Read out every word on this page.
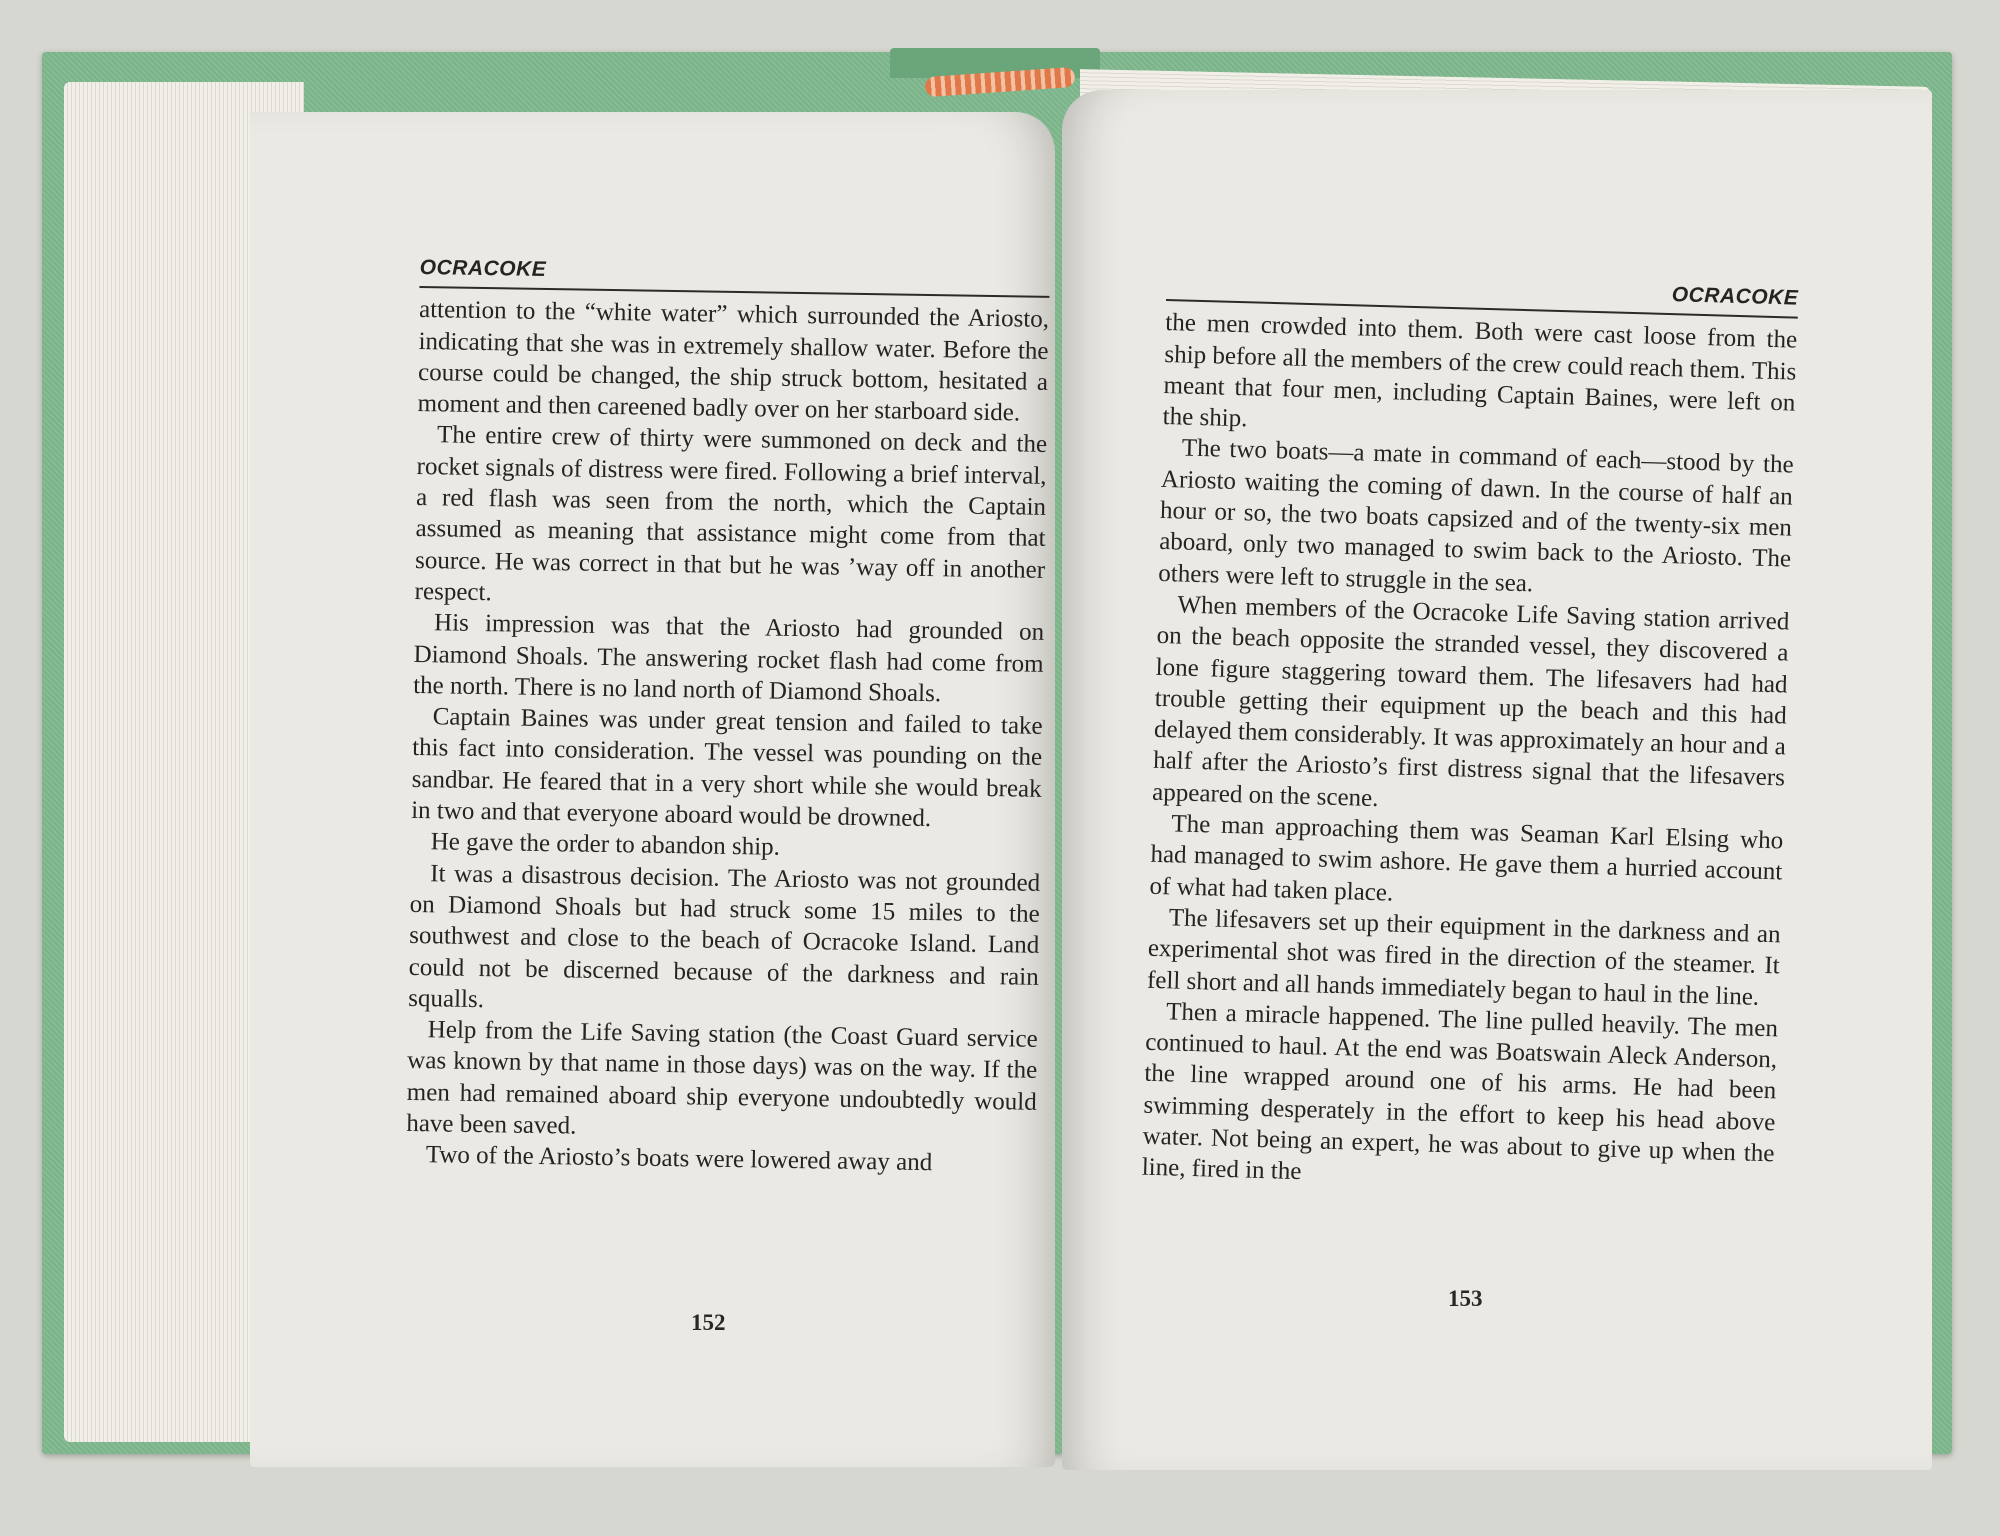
OCRACOKE

attention to the “white water” which surrounded the Ariosto, indicating that she was in extremely shallow water. Before the course could be changed, the ship struck bottom, hesitated a moment and then careened badly over on her starboard side.

The entire crew of thirty were summoned on deck and the rocket signals of distress were fired. Following a brief interval, a red flash was seen from the north, which the Captain assumed as meaning that assistance might come from that source. He was correct in that but he was ’way off in another respect.

His impression was that the Ariosto had grounded on Diamond Shoals. The answering rocket flash had come from the north. There is no land north of Diamond Shoals.

Captain Baines was under great tension and failed to take this fact into consideration. The vessel was pounding on the sandbar. He feared that in a very short while she would break in two and that everyone aboard would be drowned.

He gave the order to abandon ship.

It was a disastrous decision. The Ariosto was not grounded on Diamond Shoals but had struck some 15 miles to the southwest and close to the beach of Ocracoke Island. Land could not be discerned because of the darkness and rain squalls.

Help from the Life Saving station (the Coast Guard service was known by that name in those days) was on the way. If the men had remained aboard ship everyone undoubtedly would have been saved.

Two of the Ariosto’s boats were lowered away and

152
OCRACOKE

the men crowded into them. Both were cast loose from the ship before all the members of the crew could reach them. This meant that four men, including Captain Baines, were left on the ship.

The two boats—a mate in command of each—stood by the Ariosto waiting the coming of dawn. In the course of half an hour or so, the two boats capsized and of the twenty-six men aboard, only two managed to swim back to the Ariosto. The others were left to struggle in the sea.

When members of the Ocracoke Life Saving station arrived on the beach opposite the stranded vessel, they discovered a lone figure staggering toward them. The lifesavers had had trouble getting their equipment up the beach and this had delayed them considerably. It was approximately an hour and a half after the Ariosto’s first distress signal that the lifesavers appeared on the scene.

The man approaching them was Seaman Karl Elsing who had managed to swim ashore. He gave them a hurried account of what had taken place.

The lifesavers set up their equipment in the darkness and an experimental shot was fired in the direction of the steamer. It fell short and all hands immediately began to haul in the line.

Then a miracle happened. The line pulled heavily. The men continued to haul. At the end was Boatswain Aleck Anderson, the line wrapped around one of his arms. He had been swimming desperately in the effort to keep his head above water. Not being an expert, he was about to give up when the line, fired in the

153
